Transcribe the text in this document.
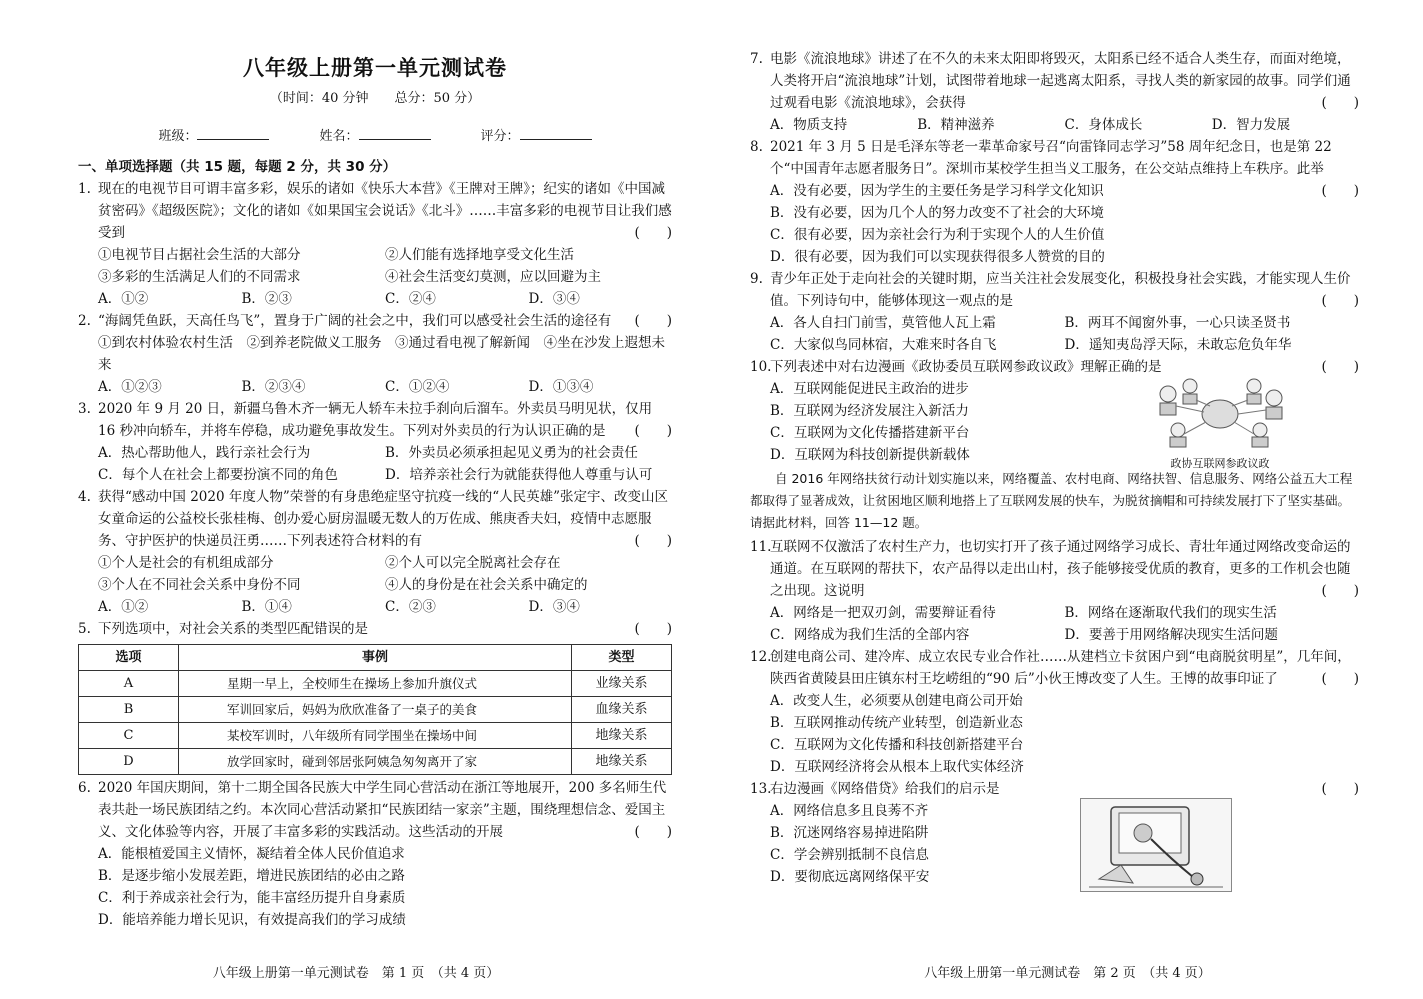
八年级上册第一单元测试卷
（时间：40 分钟　　总分：50 分）
班级：	姓名：	评分：
一、单项选择题（共 15 题，每题 2 分，共 30 分）
1. 现在的电视节目可谓丰富多彩，娱乐的诸如《快乐大本营》《王牌对王牌》；纪实的诸如《中国减贫密码》《超级医院》；文化的诸如《如果国宝会说话》《北斗》……丰富多彩的电视节目让我们感受到	(　　)
①电视节目占据社会生活的大部分	②人们能有选择地享受文化生活
③多彩的生活满足人们的不同需求	④社会生活变幻莫测，应以回避为主
A．①②	B．②③	C．②④	D．③④
2. “海阔凭鱼跃，天高任鸟飞”，置身于广阔的社会之中，我们可以感受社会生活的途径有 (　　)
①到农村体验农村生活　②到养老院做义工服务　③通过看电视了解新闻　④坐在沙发上遐想未来
A．①②③	B．②③④	C．①②④	D．①③④
3. 2020 年 9 月 20 日，新疆乌鲁木齐一辆无人轿车未拉手刹向后溜车。外卖员马明见状，仅用 16 秒冲向轿车，并将车停稳，成功避免事故发生。下列对外卖员的行为认识正确的是 (　　)
A．热心帮助他人，践行亲社会行为	B．外卖员必须承担起见义勇为的社会责任
C．每个人在社会上都要扮演不同的角色	D．培养亲社会行为就能获得他人尊重与认可
4. 获得“感动中国 2020 年度人物”荣誉的有身患绝症坚守抗疫一线的“人民英雄”张定宇、改变山区女童命运的公益校长张桂梅、创办爱心厨房温暖无数人的万佐成、熊庚香夫妇，疫情中志愿服务、守护医护的快递员汪勇……下列表述符合材料的有	(　　)
①个人是社会的有机组成部分	②个人可以完全脱离社会存在
③个人在不同社会关系中身份不同	④人的身份是在社会关系中确定的
A．①②	B．①④	C．②③	D．③④
5. 下列选项中，对社会关系的类型匹配错误的是	(　　)
选项	事例	类型
A	星期一早上，全校师生在操场上参加升旗仪式	业缘关系
B	军训回家后，妈妈为欣欣准备了一桌子的美食	血缘关系
C	某校军训时，八年级所有同学围坐在操场中间	地缘关系
D	放学回家时，碰到邻居张阿姨急匆匆离开了家	地缘关系
6. 2020 年国庆期间，第十二期全国各民族大中学生同心营活动在浙江等地展开，200 多名师生代表共赴一场民族团结之约。本次同心营活动紧扣“民族团结一家亲”主题，围绕理想信念、爱国主义、文化体验等内容，开展了丰富多彩的实践活动。这些活动的开展	(　　)
A．能根植爱国主义情怀，凝结着全体人民价值追求
B．是逐步缩小发展差距，增进民族团结的必由之路
C．利于养成亲社会行为，能丰富经历提升自身素质
D．能培养能力增长见识，有效提高我们的学习成绩
八年级上册第一单元测试卷　第 1 页　（共 4 页）
7. 电影《流浪地球》讲述了在不久的未来太阳即将毁灭，太阳系已经不适合人类生存，而面对绝境，人类将开启“流浪地球”计划，试图带着地球一起逃离太阳系，寻找人类的新家园的故事。同学们通过观看电影《流浪地球》，会获得	(　　)
A．物质支持	B．精神滋养	C．身体成长	D．智力发展
8. 2021 年 3 月 5 日是毛泽东等老一辈革命家号召“向雷锋同志学习”58 周年纪念日，也是第 22 个“中国青年志愿者服务日”。深圳市某校学生担当义工服务，在公交站点维持上车秩序。此举
(　　)
A．没有必要，因为学生的主要任务是学习科学文化知识
B．没有必要，因为几个人的努力改变不了社会的大环境
C．很有必要，因为亲社会行为利于实现个人的人生价值
D．很有必要，因为我们可以实现获得很多人赞赏的目的
9. 青少年正处于走向社会的关键时期，应当关注社会发展变化，积极投身社会实践，才能实现人生价值。下列诗句中，能够体现这一观点的是	(　　)
A．各人自扫门前雪，莫管他人瓦上霜	B．两耳不闻窗外事，一心只读圣贤书
C．大家似鸟同林宿，大难来时各自飞	D．遥知夷岛浮天际，未敢忘危负年华
10.
下列表述中对右边漫画《政协委员互联网参政议政》理解正确的是	(　　)
A．互联网能促进民主政治的进步
B．互联网为经济发展注入新活力
C．互联网为文化传播搭建新平台
D．互联网为科技创新提供新载体
政协互联网参政议政
自 2016 年网络扶贫行动计划实施以来，网络覆盖、农村电商、网络扶智、信息服务、网络公益五大工程都取得了显著成效，让贫困地区顺利地搭上了互联网发展的快车，为脱贫摘帽和可持续发展打下了坚实基础。请据此材料，回答 11—12 题。
11.
互联网不仅激活了农村生产力，也切实打开了孩子通过网络学习成长、青壮年通过网络改变命运的通道。在互联网的帮扶下，农产品得以走出山村，孩子能够接受优质的教育，更多的工作机会也随之出现。这说明	(　　)
A．网络是一把双刃剑，需要辩证看待	B．网络在逐渐取代我们的现实生活
C．网络成为我们生活的全部内容	D．要善于用网络解决现实生活问题
12.
创建电商公司、建冷库、成立农民专业合作社……从建档立卡贫困户到“电商脱贫明星”，几年间，陕西省黄陵县田庄镇东村王圪崂组的“90 后”小伙王博改变了人生。王博的故事印证了	(　　)
A．改变人生，必须要从创建电商公司开始
B．互联网推动传统产业转型，创造新业态
C．互联网为文化传播和科技创新搭建平台
D．互联网经济将会从根本上取代实体经济
13.
右边漫画《网络借贷》给我们的启示是	(　　)
A．网络信息多且良莠不齐
B．沉迷网络容易掉进陷阱
C．学会辨别抵制不良信息
D．要彻底远离网络保平安
八年级上册第一单元测试卷　第 2 页　（共 4 页）
